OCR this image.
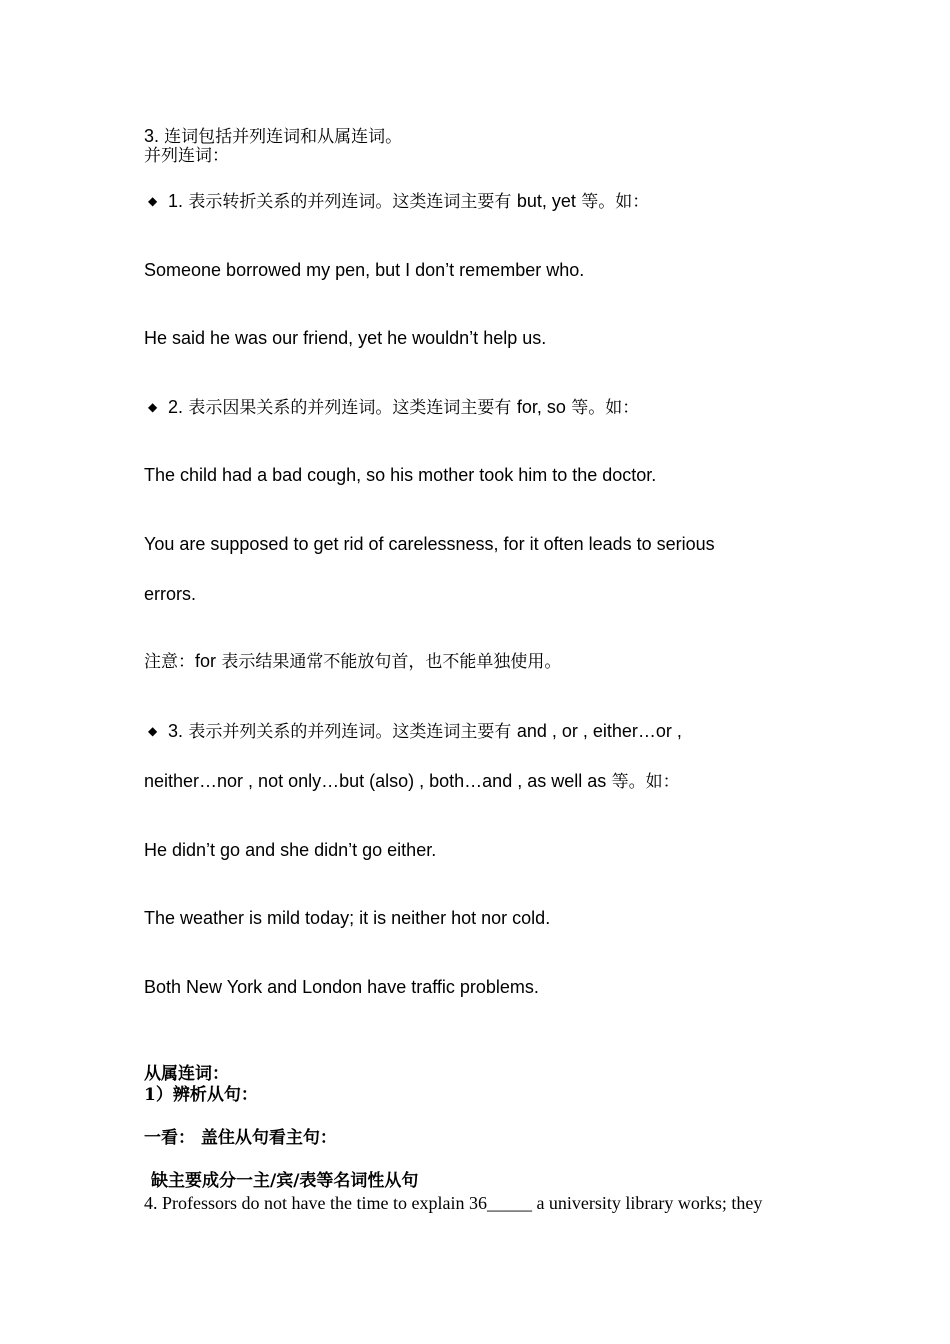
3. 连词包括并列连词和从属连词。
并列连词：
◆ 1. 表示转折关系的并列连词。这类连词主要有 but, yet 等。如：
Someone borrowed my pen, but I don’t remember who.
He said he was our friend, yet he wouldn’t help us.
◆ 2. 表示因果关系的并列连词。这类连词主要有 for, so 等。如：
The child had a bad cough, so his mother took him to the doctor.
You are supposed to get rid of carelessness, for it often leads to serious
errors.
注意：for 表示结果通常不能放句首，也不能单独使用。
◆ 3. 表示并列关系的并列连词。这类连词主要有 and , or , either…or ,
neither…nor , not only…but (also) , both…and , as well as 等。如：
He didn’t go and she didn’t go either.
The weather is mild today; it is neither hot nor cold.
Both New York and London have traffic problems.
从属连词：
1）辨析从句：
一看： 盖住从句看主句：
缺主要成分一主/宾/表等名词性从句
4. Professors do not have the time to explain 36_____ a university library works; they
